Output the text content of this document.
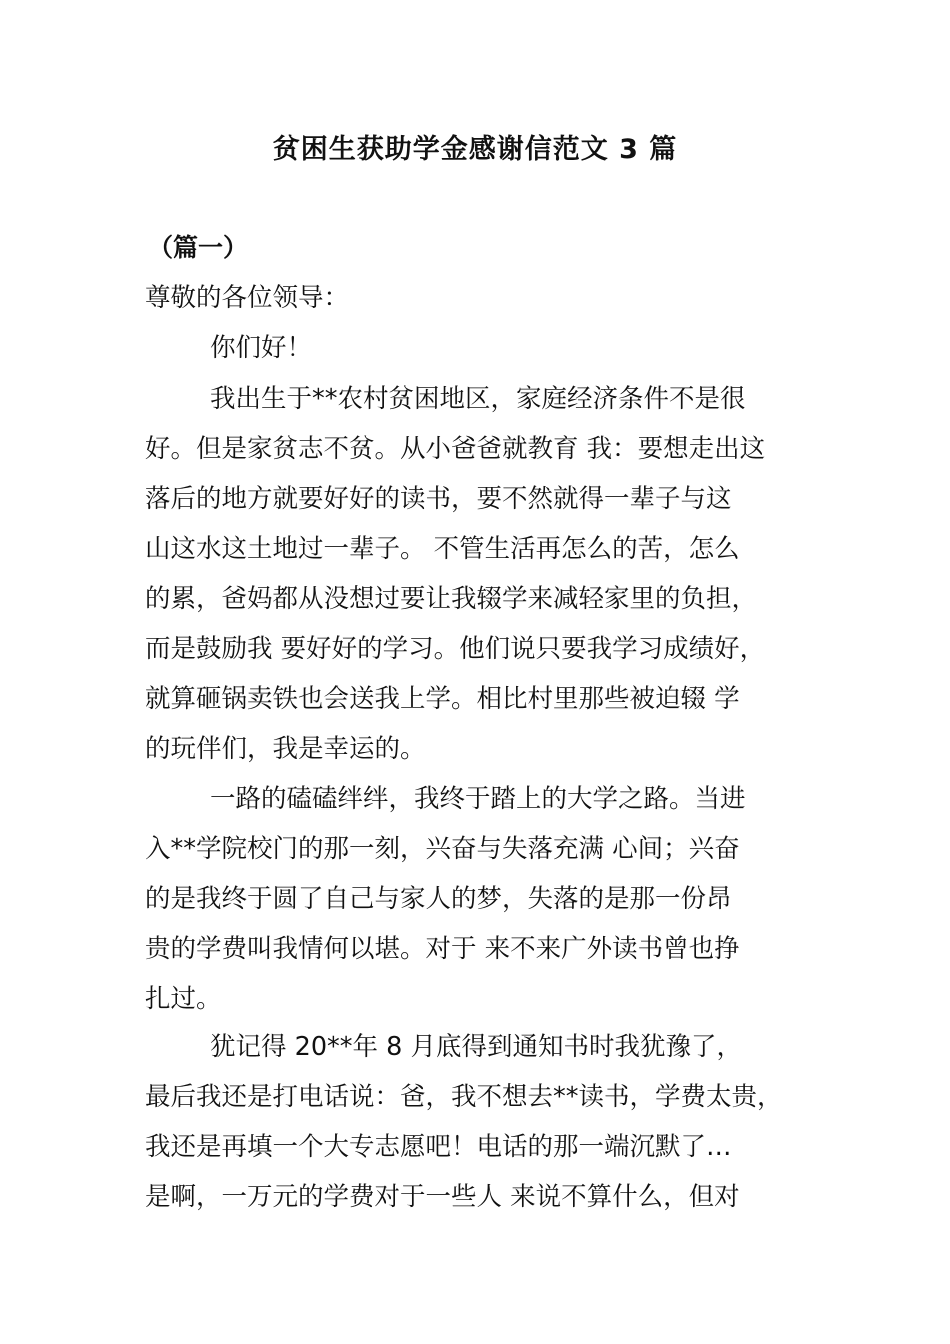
贫困生获助学金感谢信范文 3 篇
（篇一）
尊敬的各位领导：
你们好！
我出生于**农村贫困地区，家庭经济条件不是很
好。但是家贫志不贫。从小爸爸就教育 我：要想走出这
落后的地方就要好好的读书，要不然就得一辈子与这
山这水这土地过一辈子。 不管生活再怎么的苦，怎么
的累，爸妈都从没想过要让我辍学来减轻家里的负担，
而是鼓励我 要好好的学习。他们说只要我学习成绩好，
就算砸锅卖铁也会送我上学。相比村里那些被迫辍 学
的玩伴们，我是幸运的。
一路的磕磕绊绊，我终于踏上的大学之路。当进
入**学院校门的那一刻，兴奋与失落充满 心间；兴奋
的是我终于圆了自己与家人的梦，失落的是那一份昂
贵的学费叫我情何以堪。对于 来不来广外读书曾也挣
扎过。
犹记得 20**年 8 月底得到通知书时我犹豫了，
最后我还是打电话说：爸，我不想去**读书，学费太贵，
我还是再填一个大专志愿吧！电话的那一端沉默了…
是啊，一万元的学费对于一些人 来说不算什么，但对
